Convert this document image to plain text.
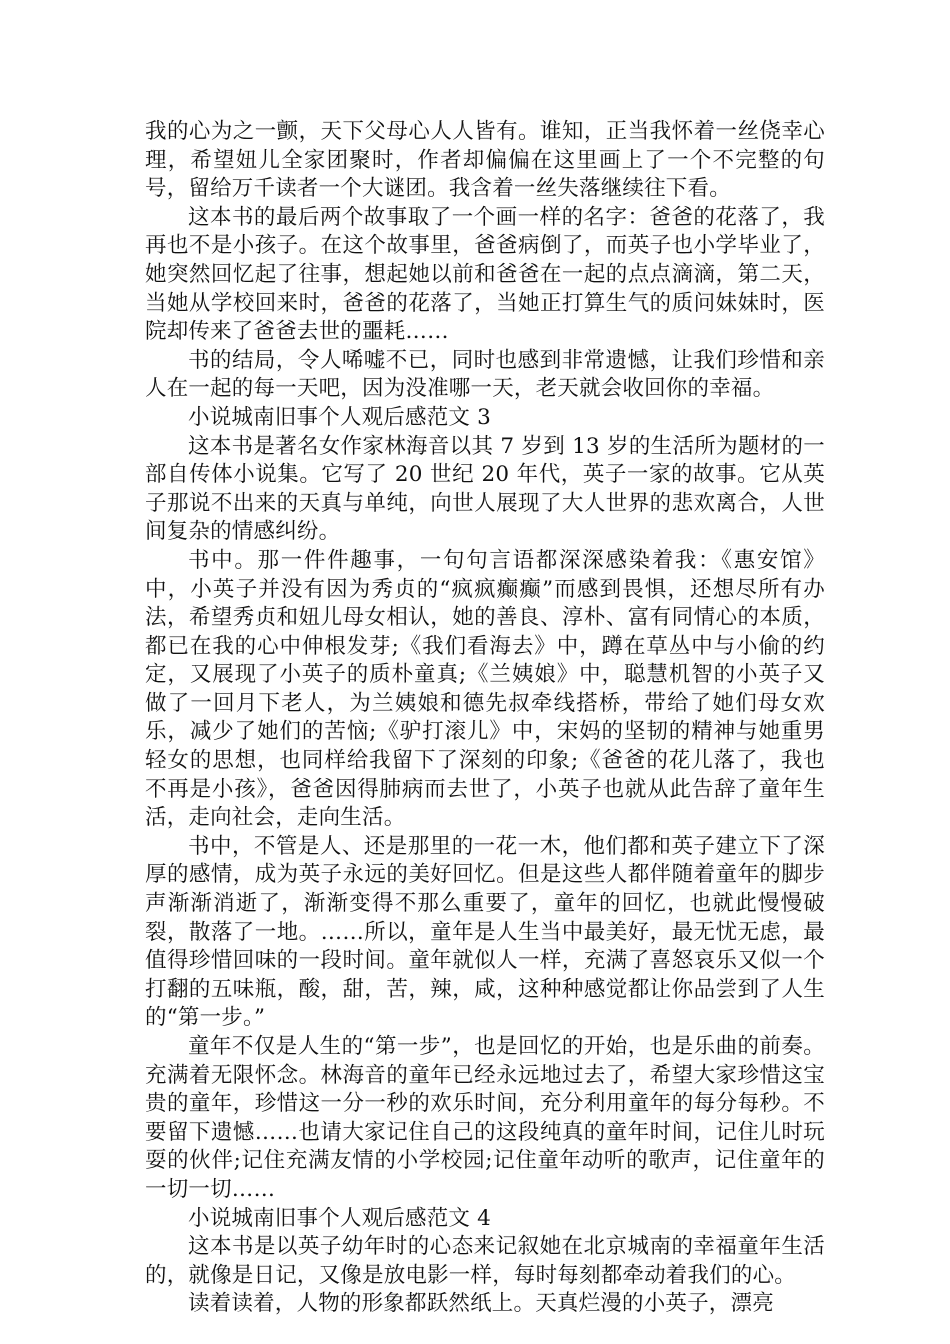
我的心为之一颤，天下父母心人人皆有。谁知，正当我怀着一丝侥幸心理，希望妞儿全家团聚时，作者却偏偏在这里画上了一个不完整的句号，留给万千读者一个大谜团。我含着一丝失落继续往下看。

这本书的最后两个故事取了一个画一样的名字：爸爸的花落了，我再也不是小孩子。在这个故事里，爸爸病倒了，而英子也小学毕业了，她突然回忆起了往事，想起她以前和爸爸在一起的点点滴滴，第二天，当她从学校回来时，爸爸的花落了，当她正打算生气的质问妹妹时，医院却传来了爸爸去世的噩耗……

书的结局，令人唏嘘不已，同时也感到非常遗憾，让我们珍惜和亲人在一起的每一天吧，因为没准哪一天，老天就会收回你的幸福。

小说城南旧事个人观后感范文 3

这本书是著名女作家林海音以其 7 岁到 13 岁的生活所为题材的一部自传体小说集。它写了 20 世纪 20 年代，英子一家的故事。它从英子那说不出来的天真与单纯，向世人展现了大人世界的悲欢离合，人世间复杂的情感纠纷。

书中。那一件件趣事，一句句言语都深深感染着我：《惠安馆》中，小英子并没有因为秀贞的“疯疯癫癫”而感到畏惧，还想尽所有办法，希望秀贞和妞儿母女相认，她的善良、淳朴、富有同情心的本质，都已在我的心中伸根发芽;《我们看海去》中，蹲在草丛中与小偷的约定，又展现了小英子的质朴童真;《兰姨娘》中，聪慧机智的小英子又做了一回月下老人，为兰姨娘和德先叔牵线搭桥，带给了她们母女欢乐，减少了她们的苦恼;《驴打滚儿》中，宋妈的坚韧的精神与她重男轻女的思想，也同样给我留下了深刻的印象;《爸爸的花儿落了，我也不再是小孩》，爸爸因得肺病而去世了，小英子也就从此告辞了童年生活，走向社会，走向生活。

书中，不管是人、还是那里的一花一木，他们都和英子建立下了深厚的感情，成为英子永远的美好回忆。但是这些人都伴随着童年的脚步声渐渐消逝了，渐渐变得不那么重要了，童年的回忆，也就此慢慢破裂，散落了一地。……所以，童年是人生当中最美好，最无忧无虑，最值得珍惜回味的一段时间。童年就似人一样，充满了喜怒哀乐又似一个打翻的五味瓶，酸，甜，苦，辣，咸，这种种感觉都让你品尝到了人生的“第一步。”

童年不仅是人生的“第一步”，也是回忆的开始，也是乐曲的前奏。充满着无限怀念。林海音的童年已经永远地过去了，希望大家珍惜这宝贵的童年，珍惜这一分一秒的欢乐时间，充分利用童年的每分每秒。不要留下遗憾……也请大家记住自己的这段纯真的童年时间，记住儿时玩耍的伙伴;记住充满友情的小学校园;记住童年动听的歌声，记住童年的一切一切……

小说城南旧事个人观后感范文 4

这本书是以英子幼年时的心态来记叙她在北京城南的幸福童年生活的，就像是日记，又像是放电影一样，每时每刻都牵动着我们的心。

读着读着，人物的形象都跃然纸上。天真烂漫的小英子，漂亮
